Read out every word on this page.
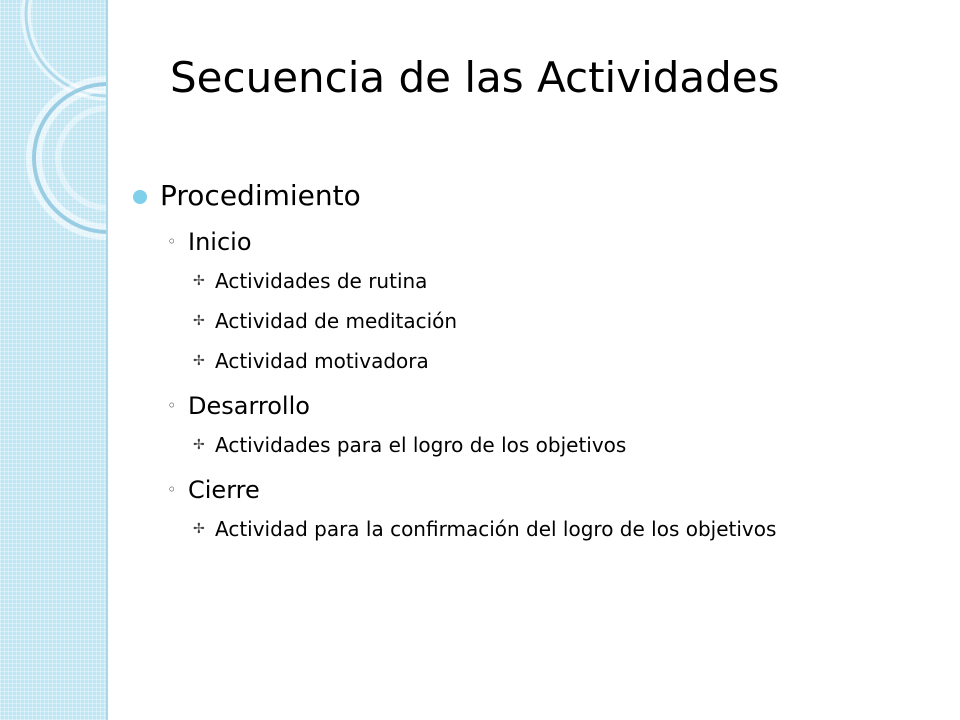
Secuencia de las Actividades
Procedimiento
◦ Inicio
✢ Actividades de rutina
✢ Actividad de meditación
✢ Actividad motivadora
◦ Desarrollo
✢ Actividades para el logro de los objetivos
◦ Cierre
✢ Actividad para la confirmación del logro de los objetivos
